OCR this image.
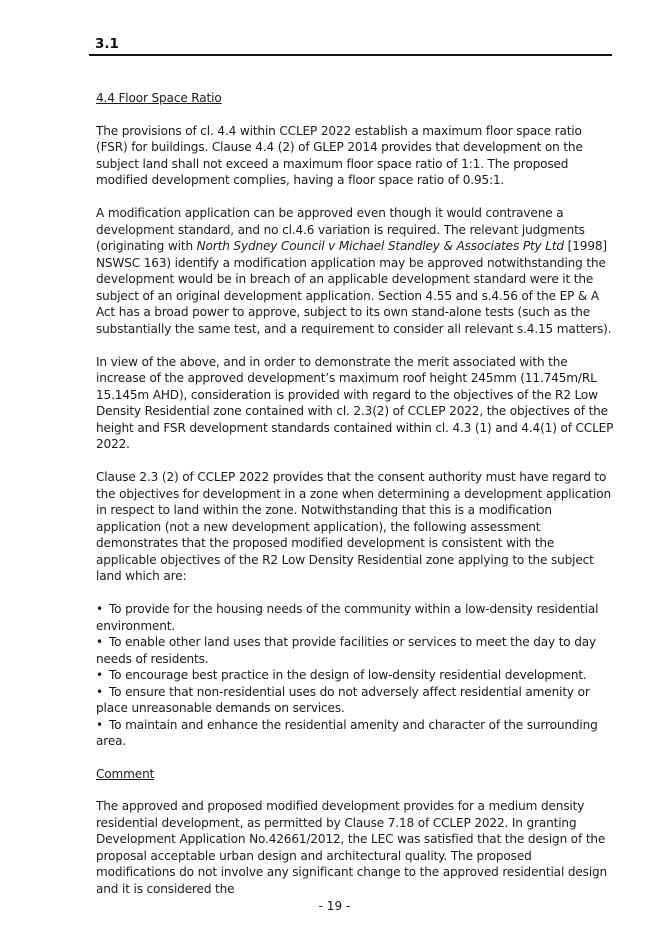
3.1

4.4 Floor Space Ratio

The provisions of cl. 4.4 within CCLEP 2022 establish a maximum floor space ratio (FSR) for buildings. Clause 4.4 (2) of GLEP 2014 provides that development on the subject land shall not exceed a maximum floor space ratio of 1:1. The proposed modified development complies, having a floor space ratio of 0.95:1.

A modification application can be approved even though it would contravene a development standard, and no cl.4.6 variation is required. The relevant judgments (originating with North Sydney Council v Michael Standley & Associates Pty Ltd [1998] NSWSC 163) identify a modification application may be approved notwithstanding the development would be in breach of an applicable development standard were it the subject of an original development application. Section 4.55 and s.4.56 of the EP & A Act has a broad power to approve, subject to its own stand-alone tests (such as the substantially the same test, and a requirement to consider all relevant s.4.15 matters).

In view of the above, and in order to demonstrate the merit associated with the increase of the approved development’s maximum roof height 245mm (11.745m/RL 15.145m AHD), consideration is provided with regard to the objectives of the R2 Low Density Residential zone contained with cl. 2.3(2) of CCLEP 2022, the objectives of the height and FSR development standards contained within cl. 4.3 (1) and 4.4(1) of CCLEP 2022.

Clause 2.3 (2) of CCLEP 2022 provides that the consent authority must have regard to the objectives for development in a zone when determining a development application in respect to land within the zone. Notwithstanding that this is a modification application (not a new development application), the following assessment demonstrates that the proposed modified development is consistent with the applicable objectives of the R2 Low Density Residential zone applying to the subject land which are:

• To provide for the housing needs of the community within a low-density residential environment.
• To enable other land uses that provide facilities or services to meet the day to day needs of residents.
• To encourage best practice in the design of low-density residential development.
• To ensure that non-residential uses do not adversely affect residential amenity or place unreasonable demands on services.
• To maintain and enhance the residential amenity and character of the surrounding area.

Comment

The approved and proposed modified development provides for a medium density residential development, as permitted by Clause 7.18 of CCLEP 2022. In granting Development Application No.42661/2012, the LEC was satisfied that the design of the proposal acceptable urban design and architectural quality. The proposed modifications do not involve any significant change to the approved residential design and it is considered the

- 19 -
